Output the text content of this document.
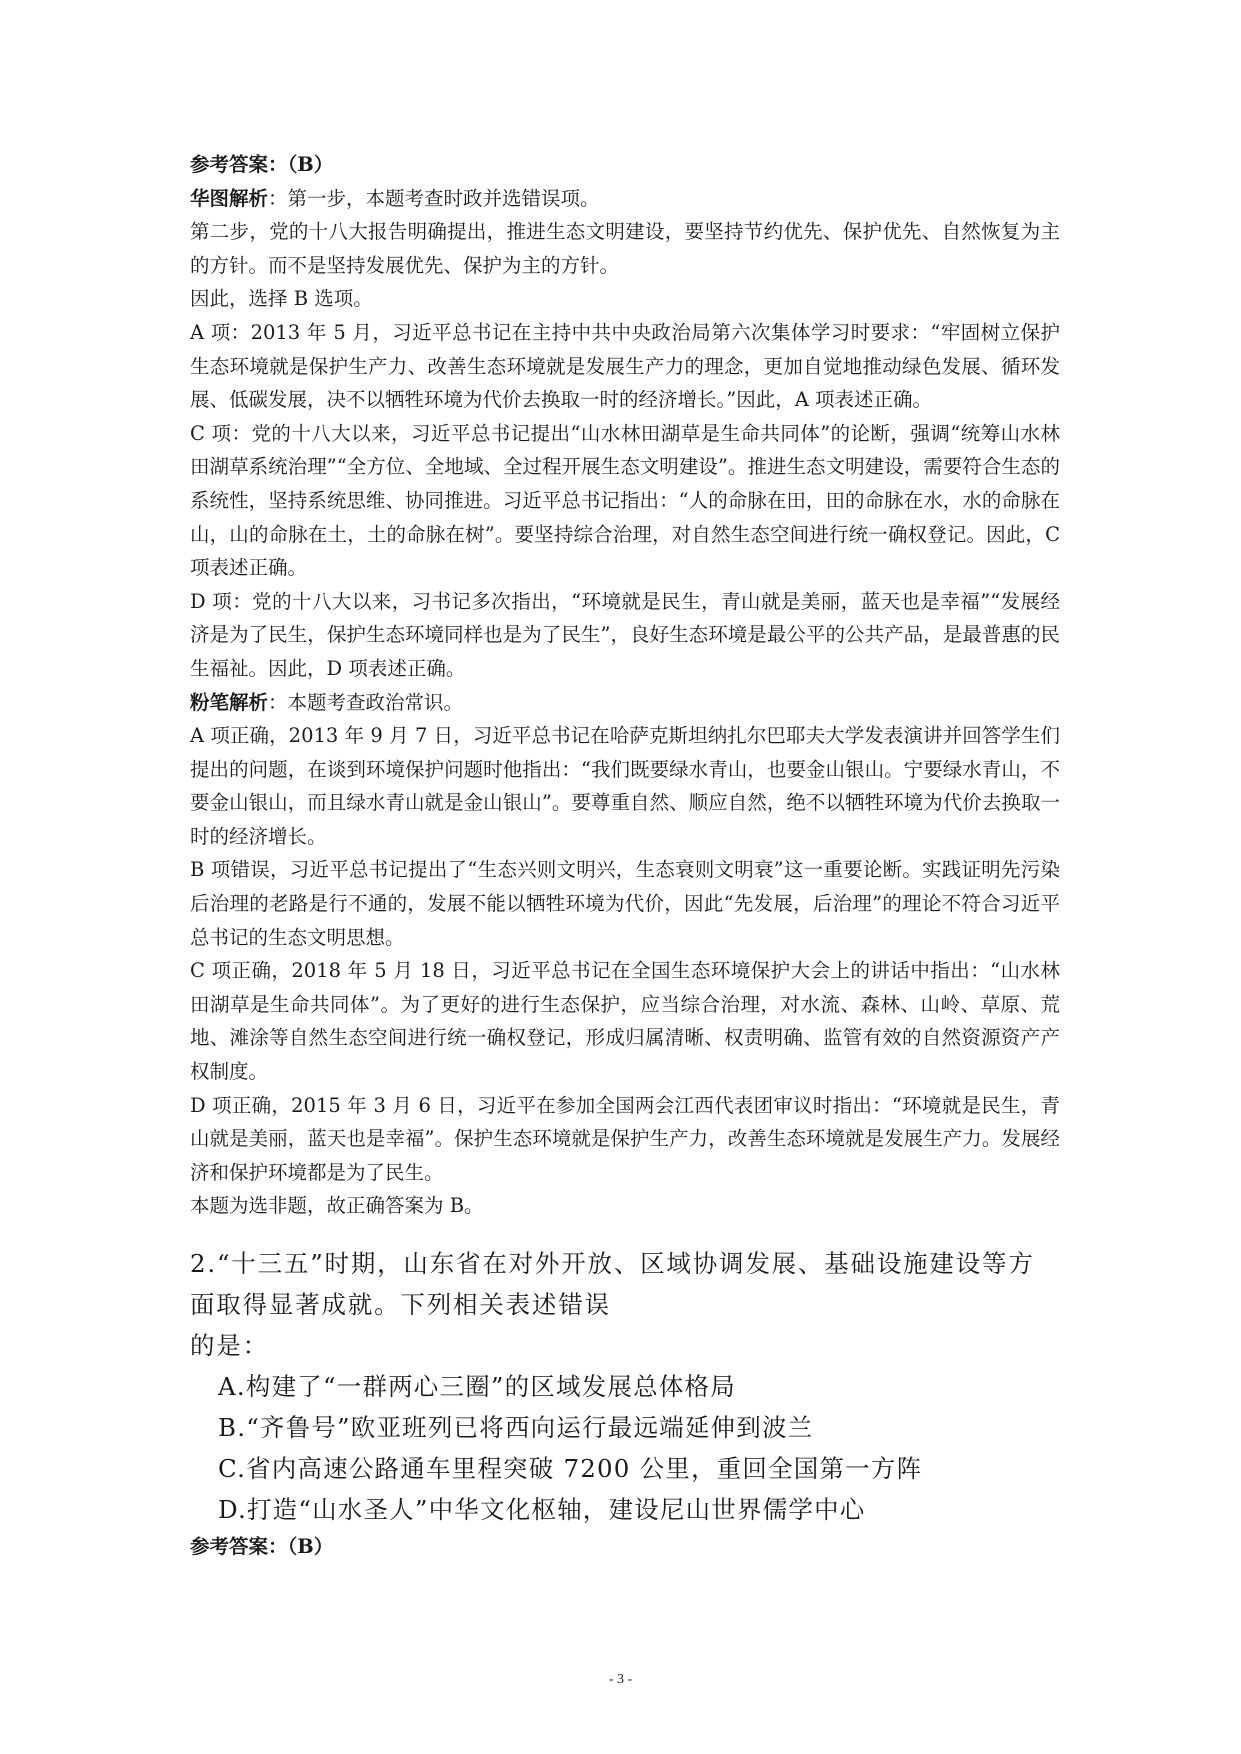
参考答案：（B）

华图解析：第一步，本题考查时政并选错误项。

第二步，党的十八大报告明确提出，推进生态文明建设，要坚持节约优先、保护优先、自然恢复为主的方针。而不是坚持发展优先、保护为主的方针。

因此，选择 B 选项。

A 项：2013 年 5 月，习近平总书记在主持中共中央政治局第六次集体学习时要求：“牢固树立保护生态环境就是保护生产力、改善生态环境就是发展生产力的理念，更加自觉地推动绿色发展、循环发展、低碳发展，决不以牺牲环境为代价去换取一时的经济增长。”因此，A 项表述正确。

C 项：党的十八大以来，习近平总书记提出“山水林田湖草是生命共同体”的论断，强调“统筹山水林田湖草系统治理”“全方位、全地域、全过程开展生态文明建设”。推进生态文明建设，需要符合生态的系统性，坚持系统思维、协同推进。习近平总书记指出：“人的命脉在田，田的命脉在水，水的命脉在山，山的命脉在土，土的命脉在树”。要坚持综合治理，对自然生态空间进行统一确权登记。因此，C 项表述正确。

D 项：党的十八大以来，习书记多次指出，“环境就是民生，青山就是美丽，蓝天也是幸福”“发展经济是为了民生，保护生态环境同样也是为了民生”，良好生态环境是最公平的公共产品，是最普惠的民生福祉。因此，D 项表述正确。

粉笔解析：本题考查政治常识。

A 项正确，2013 年 9 月 7 日，习近平总书记在哈萨克斯坦纳扎尔巴耶夫大学发表演讲并回答学生们提出的问题，在谈到环境保护问题时他指出：“我们既要绿水青山，也要金山银山。宁要绿水青山，不要金山银山，而且绿水青山就是金山银山”。要尊重自然、顺应自然，绝不以牺牲环境为代价去换取一时的经济增长。

B 项错误，习近平总书记提出了“生态兴则文明兴，生态衰则文明衰”这一重要论断。实践证明先污染后治理的老路是行不通的，发展不能以牺牲环境为代价，因此“先发展，后治理”的理论不符合习近平总书记的生态文明思想。

C 项正确，2018 年 5 月 18 日，习近平总书记在全国生态环境保护大会上的讲话中指出：“山水林田湖草是生命共同体”。为了更好的进行生态保护，应当综合治理，对水流、森林、山岭、草原、荒地、滩涂等自然生态空间进行统一确权登记，形成归属清晰、权责明确、监管有效的自然资源资产产权制度。

D 项正确，2015 年 3 月 6 日，习近平在参加全国两会江西代表团审议时指出：“环境就是民生，青山就是美丽，蓝天也是幸福”。保护生态环境就是保护生产力，改善生态环境就是发展生产力。发展经济和保护环境都是为了民生。

本题为选非题，故正确答案为 B。

2.“十三五”时期，山东省在对外开放、区域协调发展、基础设施建设等方面取得显著成就。下列相关表述错误

的是：

A.构建了“一群两心三圈”的区域发展总体格局

B.“齐鲁号”欧亚班列已将西向运行最远端延伸到波兰

C.省内高速公路通车里程突破 7200 公里，重回全国第一方阵

D.打造“山水圣人”中华文化枢轴，建设尼山世界儒学中心

参考答案：（B）

- 3 -
